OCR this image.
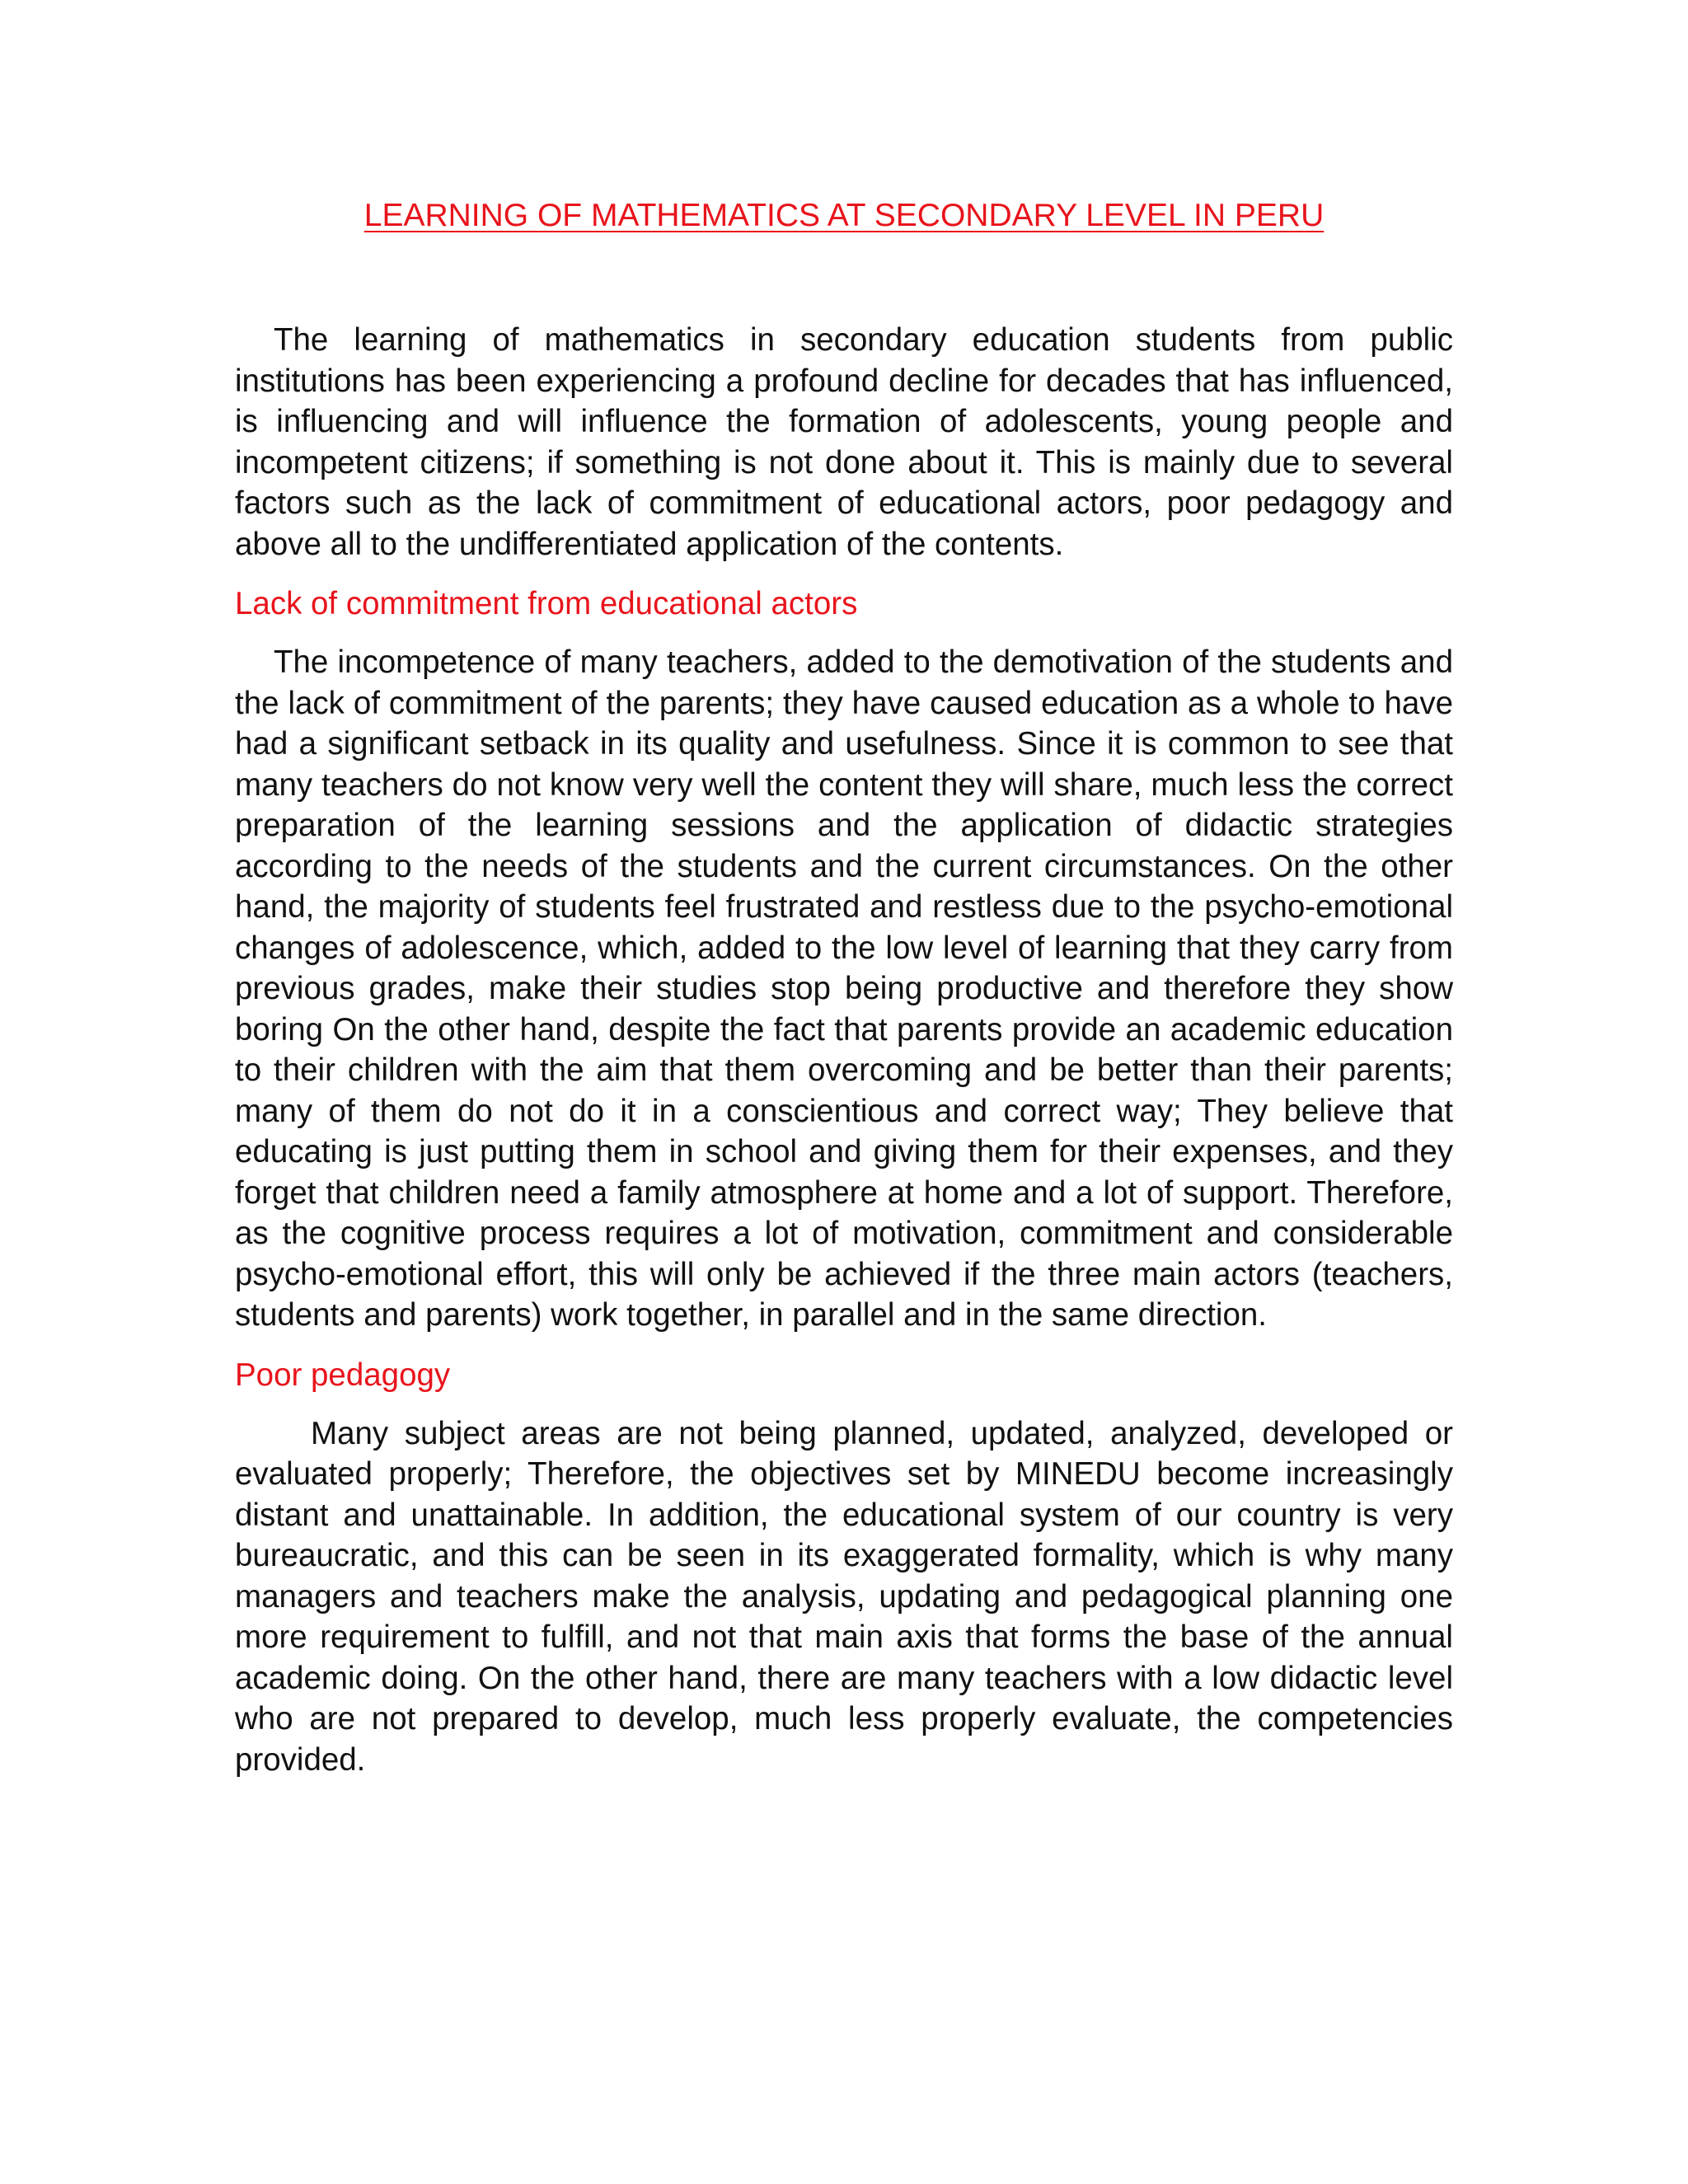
LEARNING OF MATHEMATICS AT SECONDARY LEVEL IN PERU

The learning of mathematics in secondary education students from public institutions has been experiencing a profound decline for decades that has influenced, is influencing and will influence the formation of adolescents, young people and incompetent citizens; if something is not done about it. This is mainly due to several factors such as the lack of commitment of educational actors, poor pedagogy and above all to the undifferentiated application of the contents.

Lack of commitment from educational actors

The incompetence of many teachers, added to the demotivation of the students and the lack of commitment of the parents; they have caused education as a whole to have had a significant setback in its quality and usefulness. Since it is common to see that many teachers do not know very well the content they will share, much less the correct preparation of the learning sessions and the application of didactic strategies according to the needs of the students and the current circumstances. On the other hand, the majority of students feel frustrated and restless due to the psycho-emotional changes of adolescence, which, added to the low level of learning that they carry from previous grades, make their studies stop being productive and therefore they show boring On the other hand, despite the fact that parents provide an academic education to their children with the aim that them overcoming and be better than their parents; many of them do not do it in a conscientious and correct way; They believe that educating is just putting them in school and giving them for their expenses, and they forget that children need a family atmosphere at home and a lot of support. Therefore, as the cognitive process requires a lot of motivation, commitment and considerable psycho-emotional effort, this will only be achieved if the three main actors (teachers, students and parents) work together, in parallel and in the same direction.

Poor pedagogy

Many subject areas are not being planned, updated, analyzed, developed or evaluated properly; Therefore, the objectives set by MINEDU become increasingly distant and unattainable. In addition, the educational system of our country is very bureaucratic, and this can be seen in its exaggerated formality, which is why many managers and teachers make the analysis, updating and pedagogical planning one more requirement to fulfill, and not that main axis that forms the base of the annual academic doing. On the other hand, there are many teachers with a low didactic level who are not prepared to develop, much less properly evaluate, the competencies provided.
